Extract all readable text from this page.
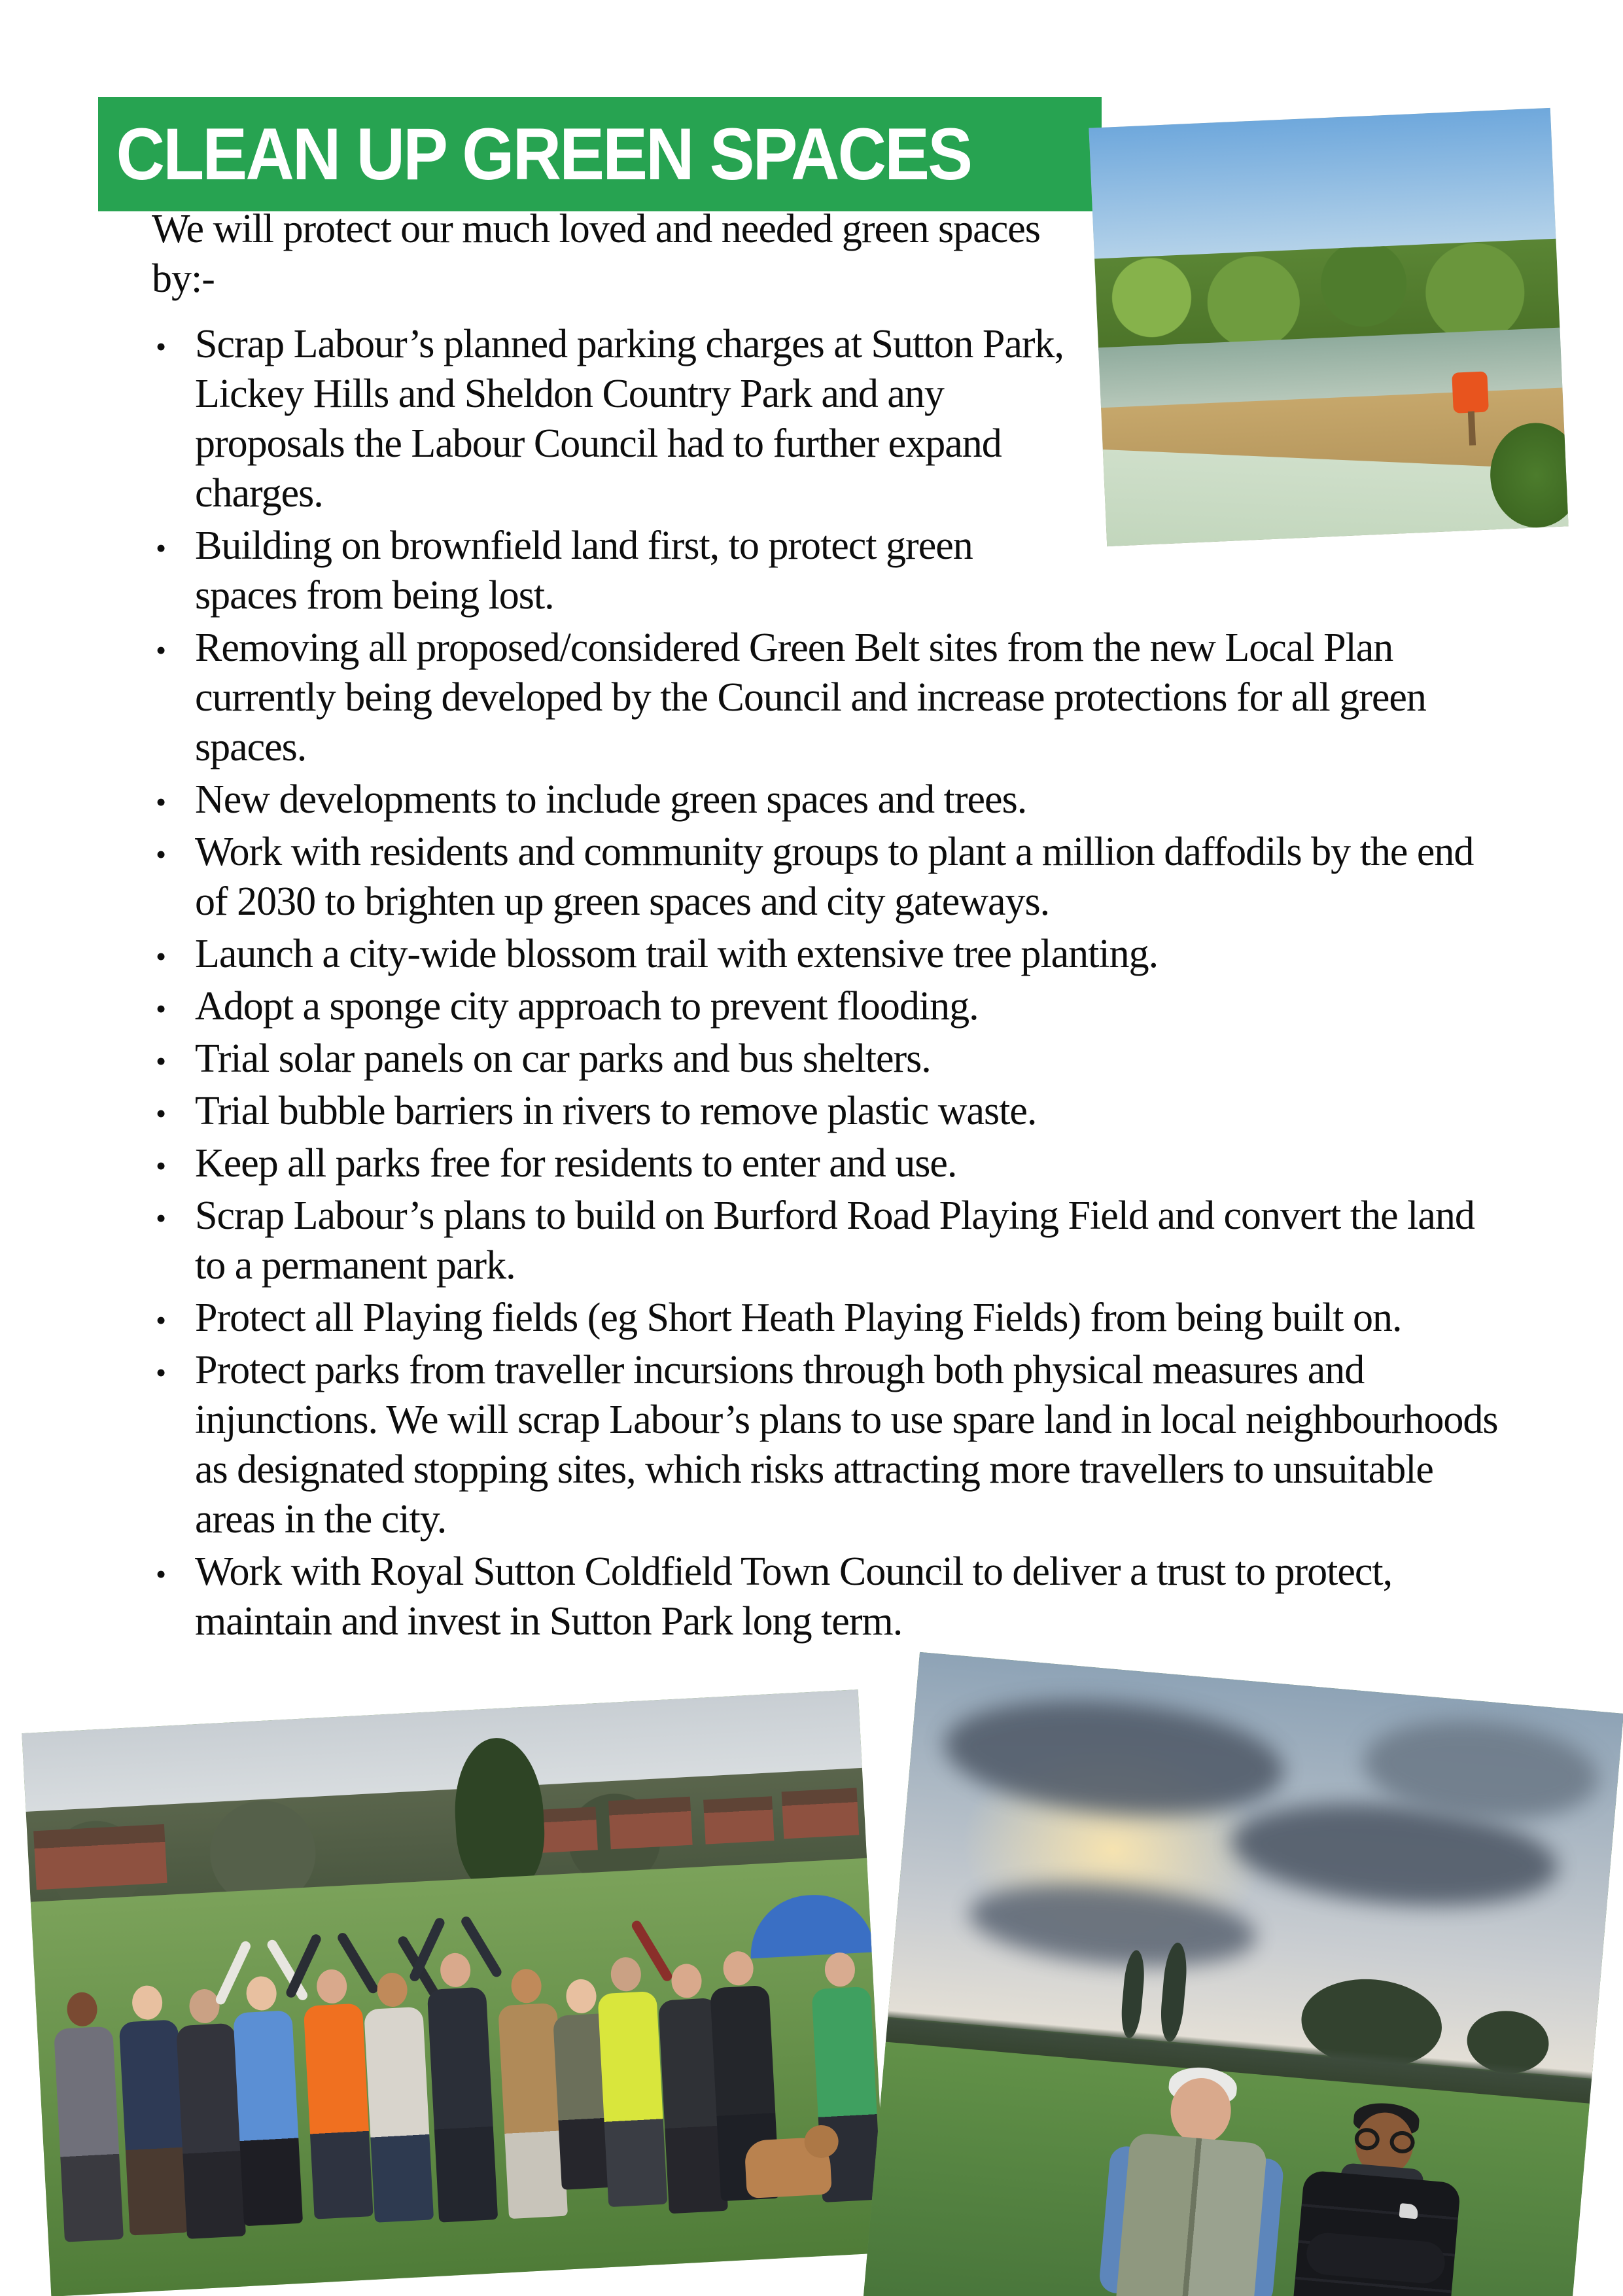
CLEAN UP GREEN SPACES

We will protect our much loved and needed green spaces by:-

• Scrap Labour’s planned parking charges at Sutton Park, Lickey Hills and Sheldon Country Park and any proposals the Labour Council had to further expand charges.
• Building on brownfield land first, to protect green spaces from being lost.
• Removing all proposed/considered Green Belt sites from the new Local Plan currently being developed by the Council and increase protections for all green spaces.
• New developments to include green spaces and trees.
• Work with residents and community groups to plant a million daffodils by the end of 2030 to brighten up green spaces and city gateways.
• Launch a city-wide blossom trail with extensive tree planting.
• Adopt a sponge city approach to prevent flooding.
• Trial solar panels on car parks and bus shelters.
• Trial bubble barriers in rivers to remove plastic waste.
• Keep all parks free for residents to enter and use.
• Scrap Labour’s plans to build on Burford Road Playing Field and convert the land to a permanent park.
• Protect all Playing fields (eg Short Heath Playing Fields) from being built on.
• Protect parks from traveller incursions through both physical measures and injunctions. We will scrap Labour’s plans to use spare land in local neighbourhoods as designated stopping sites, which risks attracting more travellers to unsuitable areas in the city.
• Work with Royal Sutton Coldfield Town Council to deliver a trust to protect, maintain and invest in Sutton Park long term.
